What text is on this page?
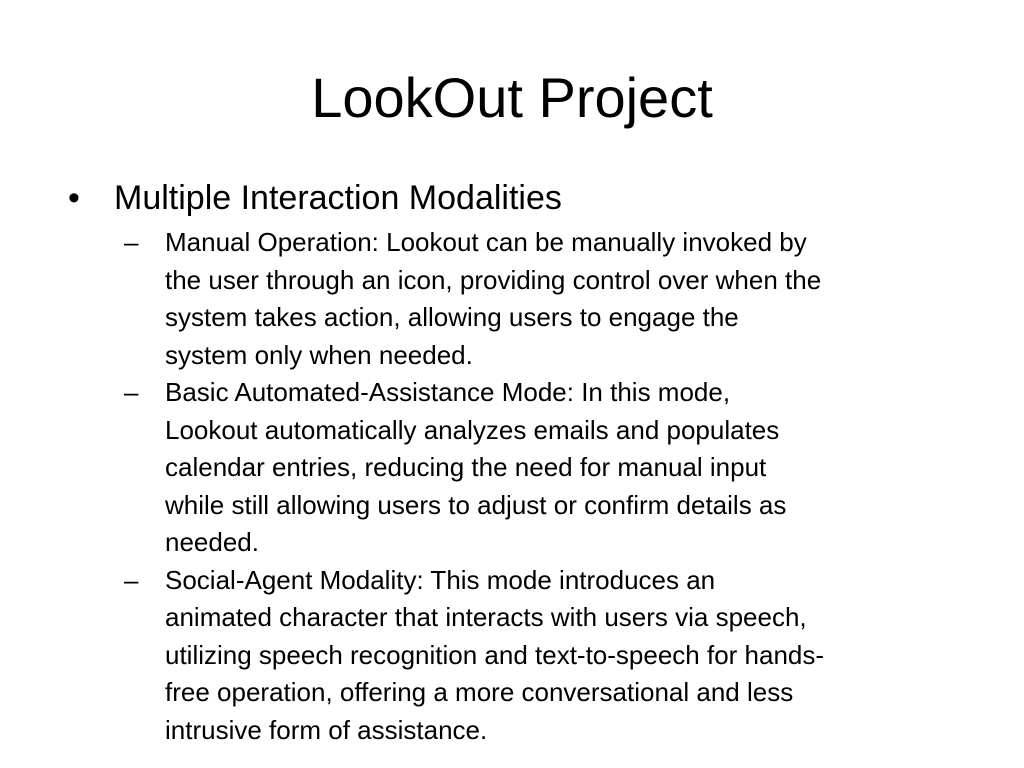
LookOut Project
•	Multiple Interaction Modalities
– Manual Operation: Lookout can be manually invoked by
the user through an icon, providing control over when the
system takes action, allowing users to engage the
system only when needed.
– Basic Automated-Assistance Mode: In this mode,
Lookout automatically analyzes emails and populates
calendar entries, reducing the need for manual input
while still allowing users to adjust or confirm details as
needed.
– Social-Agent Modality: This mode introduces an
animated character that interacts with users via speech,
utilizing speech recognition and text-to-speech for hands-
free operation, offering a more conversational and less
intrusive form of assistance.
